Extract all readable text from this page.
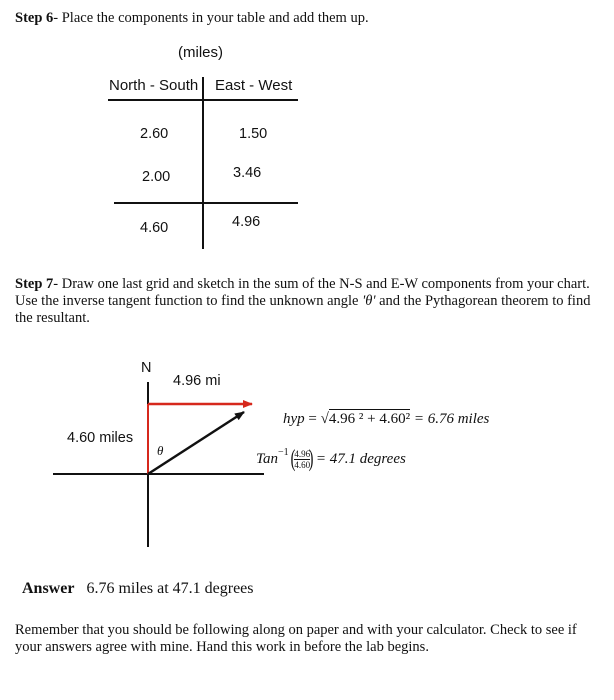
Step 6- Place the components in your table and add them up.
(miles)
North - South East - West
2.60	1.50
2.00	3.46
4.60	4.96
Step 7- Draw one last grid and sketch in the sum of the N-S and E-W components from your chart. Use the inverse tangent function to find the unknown angle 'θ' and the Pythagorean theorem to find the resultant.
N
4.96 mi
4.60 miles
θ
hyp = √4.96 ² + 4.60² = 6.76 miles
Tan$^{-1}$ (
$\frac{4.96}{4.60}$
) = 47.1 degrees
Answer 6.76 miles at 47.1 degrees
Remember that you should be following along on paper and with your calculator. Check to see if your answers agree with mine. Hand this work in before the lab begins.
